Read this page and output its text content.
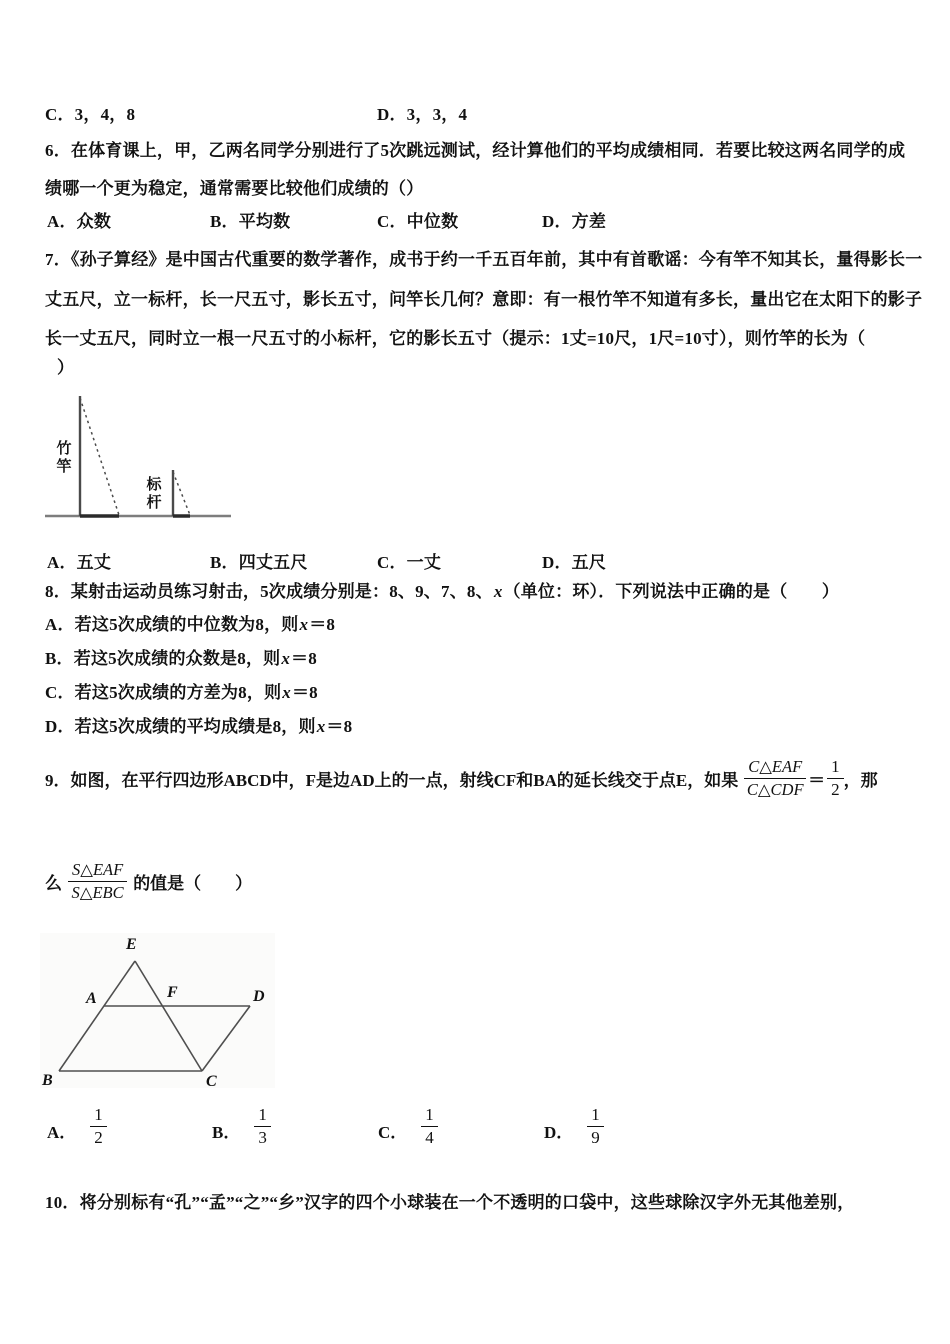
C．3，4，8	D．3，3，4
6．在体育课上，甲，乙两名同学分别进行了5次跳远测试，经计算他们的平均成绩相同．若要比较这两名同学的成
绩哪一个更为稳定，通常需要比较他们成绩的（）
A．众数	B．平均数	C．中位数	D．方差
7．《孙子算经》是中国古代重要的数学著作，成书于约一千五百年前，其中有首歌谣：今有竿不知其长，量得影长一
丈五尺，立一标杆，长一尺五寸，影长五寸，问竿长几何？意即：有一根竹竿不知道有多长，量出它在太阳下的影子
长一丈五尺，同时立一根一尺五寸的小标杆，它的影长五寸（提示：1丈=10尺，1尺=10寸），则竹竿的长为（
）
竹竿
标杆
A．五丈	B．四丈五尺	C．一丈	D．五尺
8．某射击运动员练习射击，5次成绩分别是：8、9、7、8、x（单位：环）．下列说法中正确的是（　　）
A．若这5次成绩的中位数为8，则x＝8
B．若这5次成绩的众数是8，则x＝8
C．若这5次成绩的方差为8，则x＝8
D．若这5次成绩的平均成绩是8，则x＝8
9．如图，在平行四边形ABCD中，F是边AD上的一点，射线CF和BA的延长线交于点E，如果 $\frac{\text{C△EAF}}{\text{C△CDF}} = \frac{1}{2}$ ，那
么 $\frac{\text{S△EAF}}{\text{S△EBC}}$ 的值是（　　）
E
A	F	D
B	C
A． $\frac{1}{2}$	B． $\frac{1}{3}$	C． $\frac{1}{4}$	D． $\frac{1}{9}$
10．将分别标有“孔”“孟”“之”“乡”汉字的四个小球装在一个不透明的口袋中，这些球除汉字外无其他差别，
